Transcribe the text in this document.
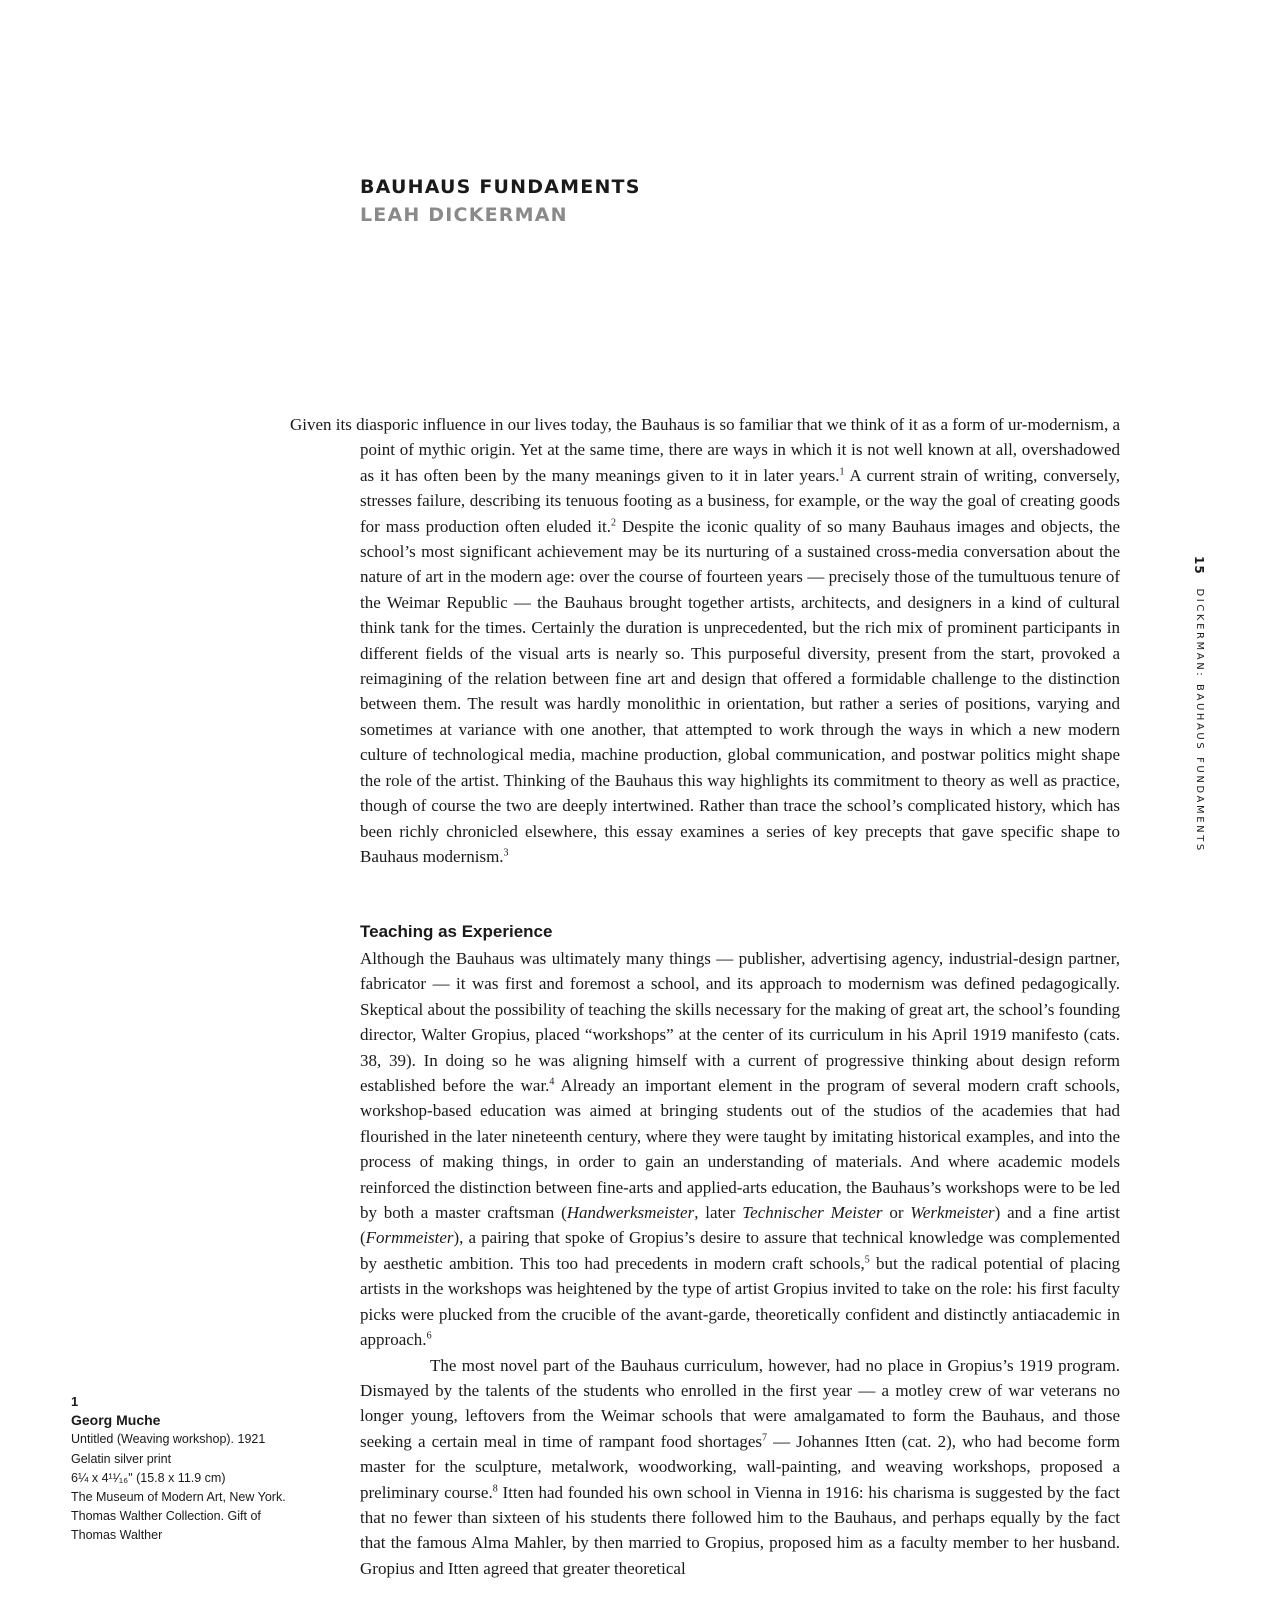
BAUHAUS FUNDAMENTS
LEAH DICKERMAN
15 DICKERMAN: BAUHAUS FUNDAMENTS
Given its diasporic influence in our lives today, the Bauhaus is so familiar that we think of it as a form of ur-modernism, a point of mythic origin. Yet at the same time, there are ways in which it is not well known at all, overshadowed as it has often been by the many meanings given to it in later years.$^1$ A current strain of writing, conversely, stresses failure, describing its tenuous footing as a business, for example, or the way the goal of creating goods for mass production often eluded it.$^2$ Despite the iconic quality of so many Bauhaus images and objects, the school’s most significant achievement may be its nurturing of a sustained cross-media conversation about the nature of art in the modern age: over the course of fourteen years — precisely those of the tumultuous tenure of the Weimar Republic — the Bauhaus brought together artists, architects, and designers in a kind of cultural think tank for the times. Certainly the duration is unprecedented, but the rich mix of prominent participants in different fields of the visual arts is nearly so. This purposeful diversity, present from the start, provoked a reimagining of the relation between fine art and design that offered a formidable challenge to the distinction between them. The result was hardly monolithic in orientation, but rather a series of positions, varying and sometimes at variance with one another, that attempted to work through the ways in which a new modern culture of technological media, machine production, global communication, and postwar politics might shape the role of the artist. Thinking of the Bauhaus this way highlights its commitment to theory as well as practice, though of course the two are deeply intertwined. Rather than trace the school’s complicated history, which has been richly chronicled elsewhere, this essay examines a series of key precepts that gave specific shape to Bauhaus modernism.$^3$
Teaching as Experience

Although the Bauhaus was ultimately many things — publisher, advertising agency, industrial-design partner, fabricator — it was first and foremost a school, and its approach to modernism was defined pedagogically. Skeptical about the possibility of teaching the skills necessary for the making of great art, the school’s founding director, Walter Gropius, placed “workshops” at the center of its curriculum in his April 1919 manifesto (cats. 38, 39). In doing so he was aligning himself with a current of progressive thinking about design reform established before the war.$^4$ Already an important element in the program of several modern craft schools, workshop-based education was aimed at bringing students out of the studios of the academies that had flourished in the later nineteenth century, where they were taught by imitating historical examples, and into the process of making things, in order to gain an understanding of materials. And where academic models reinforced the distinction between fine-arts and applied-arts education, the Bauhaus’s workshops were to be led by both a master craftsman (Handwerksmeister, later Technischer Meister or Werkmeister) and a fine artist (Formmeister), a pairing that spoke of Gropius’s desire to assure that technical knowledge was complemented by aesthetic ambition. This too had precedents in modern craft schools,$^5$ but the radical potential of placing artists in the workshops was heightened by the type of artist Gropius invited to take on the role: his first faculty picks were plucked from the crucible of the avant-garde, theoretically confident and distinctly antiacademic in approach.$^6$

The most novel part of the Bauhaus curriculum, however, had no place in Gropius’s 1919 program. Dismayed by the talents of the students who enrolled in the first year — a motley crew of war veterans no longer young, leftovers from the Weimar schools that were amalgamated to form the Bauhaus, and those seeking a certain meal in time of rampant food shortages$^7$ — Johannes Itten (cat. 2), who had become form master for the sculpture, metalwork, woodworking, wall-painting, and weaving workshops, proposed a preliminary course.$^8$ Itten had founded his own school in Vienna in 1916: his charisma is suggested by the fact that no fewer than sixteen of his students there followed him to the Bauhaus, and perhaps equally by the fact that the famous Alma Mahler, by then married to Gropius, proposed him as a faculty member to her husband. Gropius and Itten agreed that greater theoretical

1
Georg Muche
Untitled (Weaving workshop). 1921
Gelatin silver print
6¼ x 4¹¹⁄₁₆" (15.8 x 11.9 cm)
The Museum of Modern Art, New York.
Thomas Walther Collection. Gift of
Thomas Walther
